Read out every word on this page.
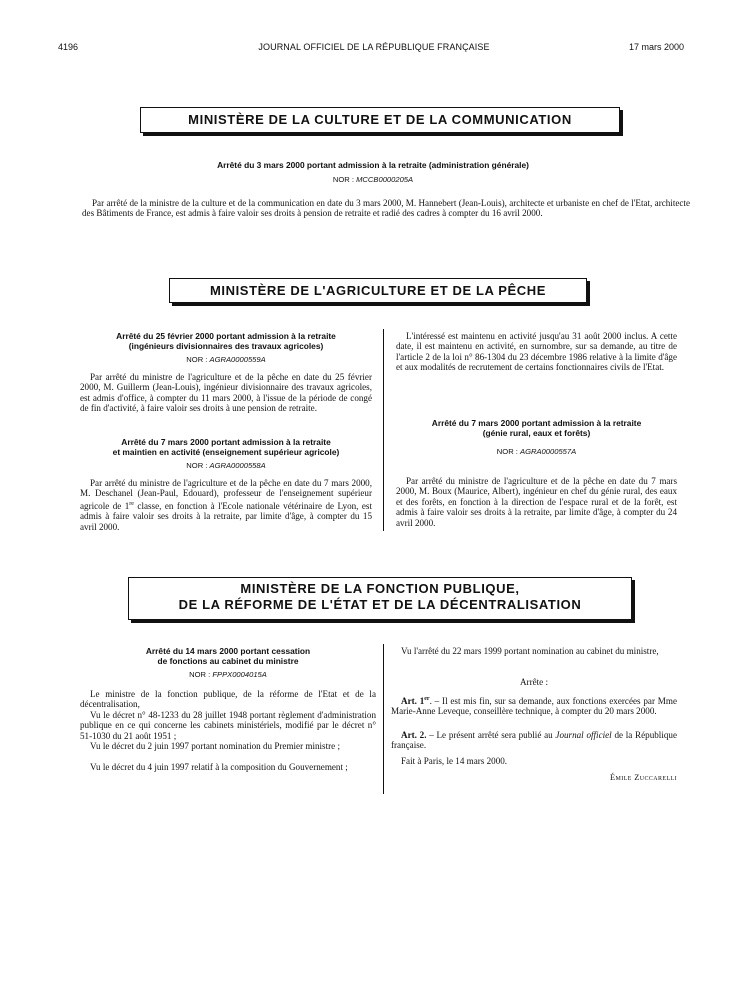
4196	JOURNAL OFFICIEL DE LA RÉPUBLIQUE FRANÇAISE	17 mars 2000
MINISTÈRE DE LA CULTURE ET DE LA COMMUNICATION
Arrêté du 3 mars 2000 portant admission à la retraite (administration générale)
NOR : MCCB0000205A

Par arrêté de la ministre de la culture et de la communication en date du 3 mars 2000, M. Hannebert (Jean-Louis), architecte et urbaniste en chef de l'Etat, architecte des Bâtiments de France, est admis à faire valoir ses droits à pension de retraite et radié des cadres à compter du 16 avril 2000.

MINISTÈRE DE L'AGRICULTURE ET DE LA PÊCHE
Arrêté du 25 février 2000 portant admission à la retraite
(ingénieurs divisionnaires des travaux agricoles)
NOR : AGRA0000559A

Par arrêté du ministre de l'agriculture et de la pêche en date du 25 février 2000, M. Guillerm (Jean-Louis), ingénieur divisionnaire des travaux agricoles, est admis d'office, à compter du 11 mars 2000, à l'issue de la période de congé de fin d'activité, à faire valoir ses droits à une pension de retraite.

Arrêté du 7 mars 2000 portant admission à la retraite
et maintien en activité (enseignement supérieur agricole)
NOR : AGRA0000558A

Par arrêté du ministre de l'agriculture et de la pêche en date du 7 mars 2000, M. Deschanel (Jean-Paul, Edouard), professeur de l'enseignement supérieur agricole de 1re classe, en fonction à l'Ecole nationale vétérinaire de Lyon, est admis à faire valoir ses droits à la retraite, par limite d'âge, à compter du 15 avril 2000.

L'intéressé est maintenu en activité jusqu'au 31 août 2000 inclus. A cette date, il est maintenu en activité, en surnombre, sur sa demande, au titre de l'article 2 de la loi n° 86-1304 du 23 décembre 1986 relative à la limite d'âge et aux modalités de recrutement de certains fonctionnaires civils de l'Etat.

Arrêté du 7 mars 2000 portant admission à la retraite
(génie rural, eaux et forêts)
NOR : AGRA0000557A

Par arrêté du ministre de l'agriculture et de la pêche en date du 7 mars 2000, M. Boux (Maurice, Albert), ingénieur en chef du génie rural, des eaux et des forêts, en fonction à la direction de l'espace rural et de la forêt, est admis à faire valoir ses droits à la retraite, par limite d'âge, à compter du 24 avril 2000.

MINISTÈRE DE LA FONCTION PUBLIQUE,
DE LA RÉFORME DE L'ÉTAT ET DE LA DÉCENTRALISATION
Arrêté du 14 mars 2000 portant cessation
de fonctions au cabinet du ministre
NOR : FPPX0004015A

Le ministre de la fonction publique, de la réforme de l'Etat et de la décentralisation,

Vu le décret n° 48-1233 du 28 juillet 1948 portant règlement d'administration publique en ce qui concerne les cabinets ministériels, modifié par le décret n° 51-1030 du 21 août 1951 ;

Vu le décret du 2 juin 1997 portant nomination du Premier ministre ;

Vu le décret du 4 juin 1997 relatif à la composition du Gouvernement ;

Vu l'arrêté du 22 mars 1999 portant nomination au cabinet du ministre,

Arrête :

Art. 1er. – Il est mis fin, sur sa demande, aux fonctions exercées par Mme Marie-Anne Leveque, conseillère technique, à compter du 20 mars 2000.

Art. 2. – Le présent arrêté sera publié au Journal officiel de la République française.

Fait à Paris, le 14 mars 2000.

Émile Zuccarelli
